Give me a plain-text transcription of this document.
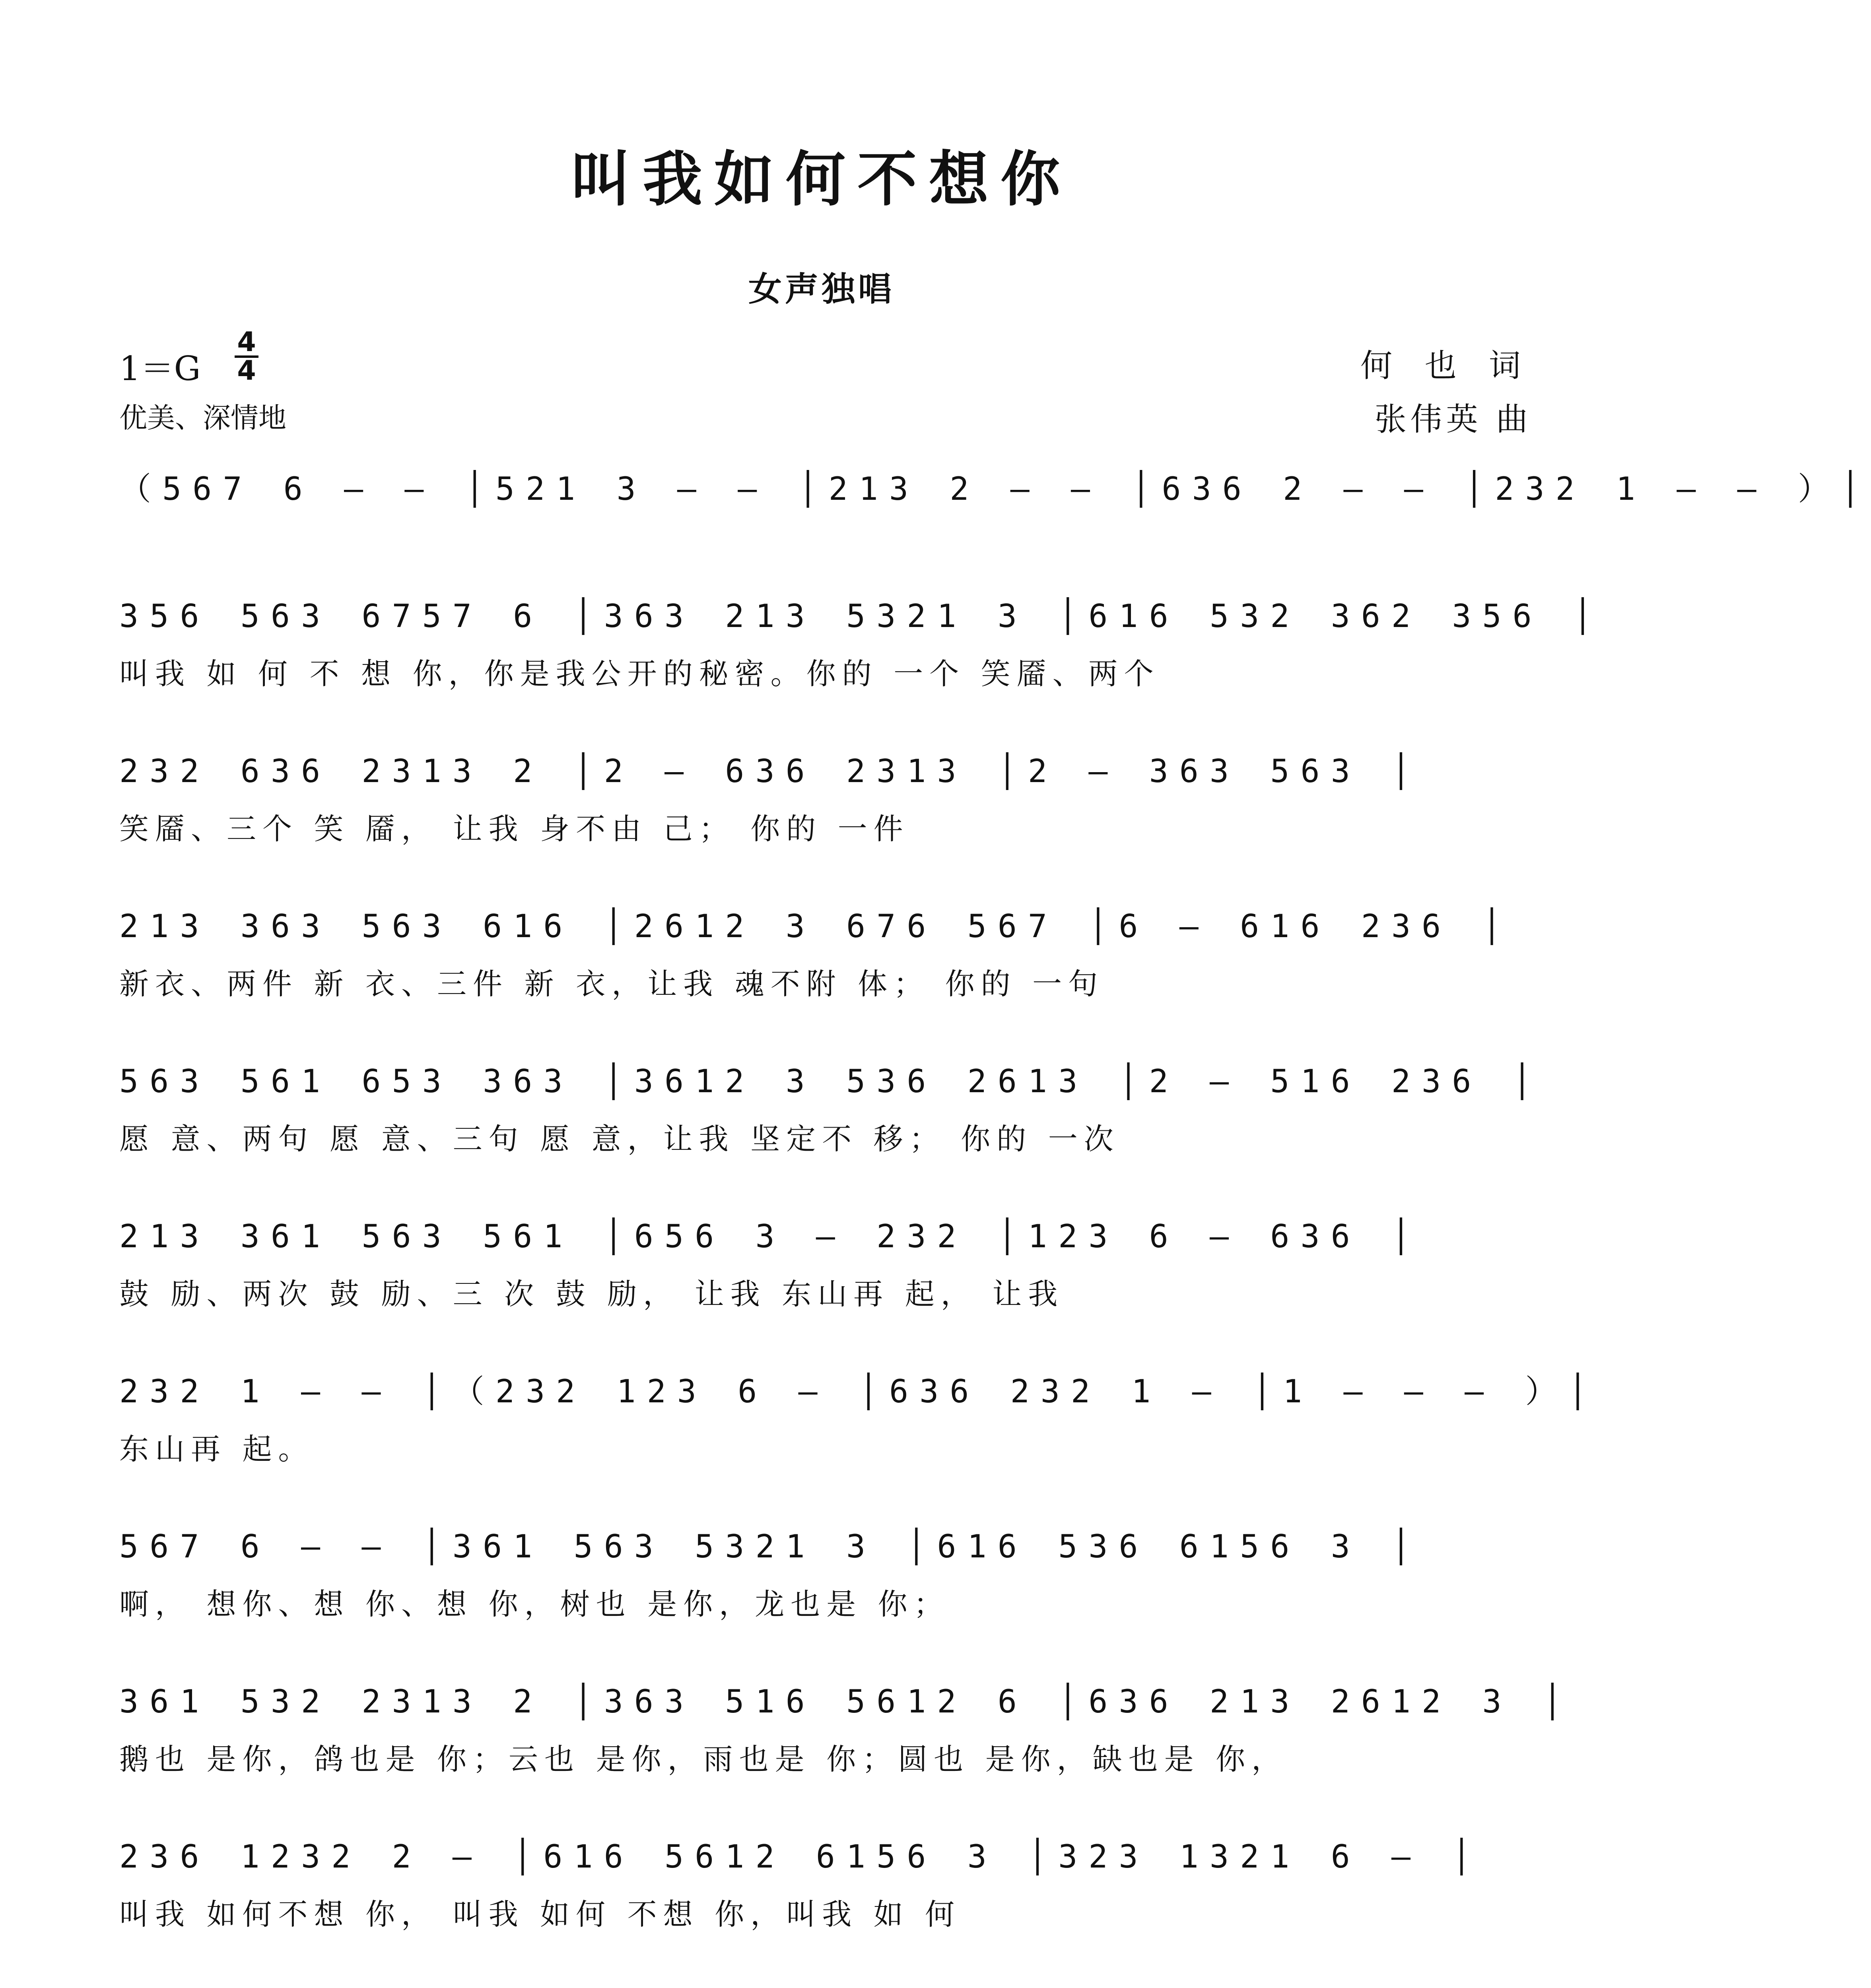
叫我如何不想你
女声独唱
1＝G
4
4
优美、深情地
何 也 词
张伟英 曲
（567 6 — — │521 3 — — │213 2 — — │636 2 — — │232 1 — — ）│
356 563 6757 6 │363 213 5321 3 │616 532 362 356 │
叫我 如 何 不 想 你，你是我公开的秘密。你的 一个 笑靥、两个
232 636 2313 2 │2 — 636 2313 │2 — 363 563 │
笑靥、三个 笑 靥， 让我 身不由 己； 你的 一件
213 363 563 616 │2612 3 676 567 │6 — 616 236 │
新衣、两件 新 衣、三件 新 衣，让我 魂不附 体； 你的 一句
563 561 653 363 │3612 3 536 2613 │2 — 516 236 │
愿 意、两句 愿 意、三句 愿 意，让我 坚定不 移； 你的 一次
213 361 563 561 │656 3 — 232 │123 6 — 636 │
鼓 励、两次 鼓 励、三 次 鼓 励， 让我 东山再 起， 让我
232 1 — — │（232 123 6 — │636 232 1 — │1 — — — ）│
东山再 起。
567 6 — — │361 563 5321 3 │616 536 6156 3 │
啊， 想你、想 你、想 你，树也 是你，龙也是 你；
361 532 2313 2 │363 516 5612 6 │636 213 2612 3 │
鹅也 是你，鸽也是 你；云也 是你，雨也是 你；圆也 是你，缺也是 你，
236 1232 2 — │616 5612 6156 3 │323 1321 6 — │
叫我 如何不想 你， 叫我 如何 不想 你，叫我 如 何
